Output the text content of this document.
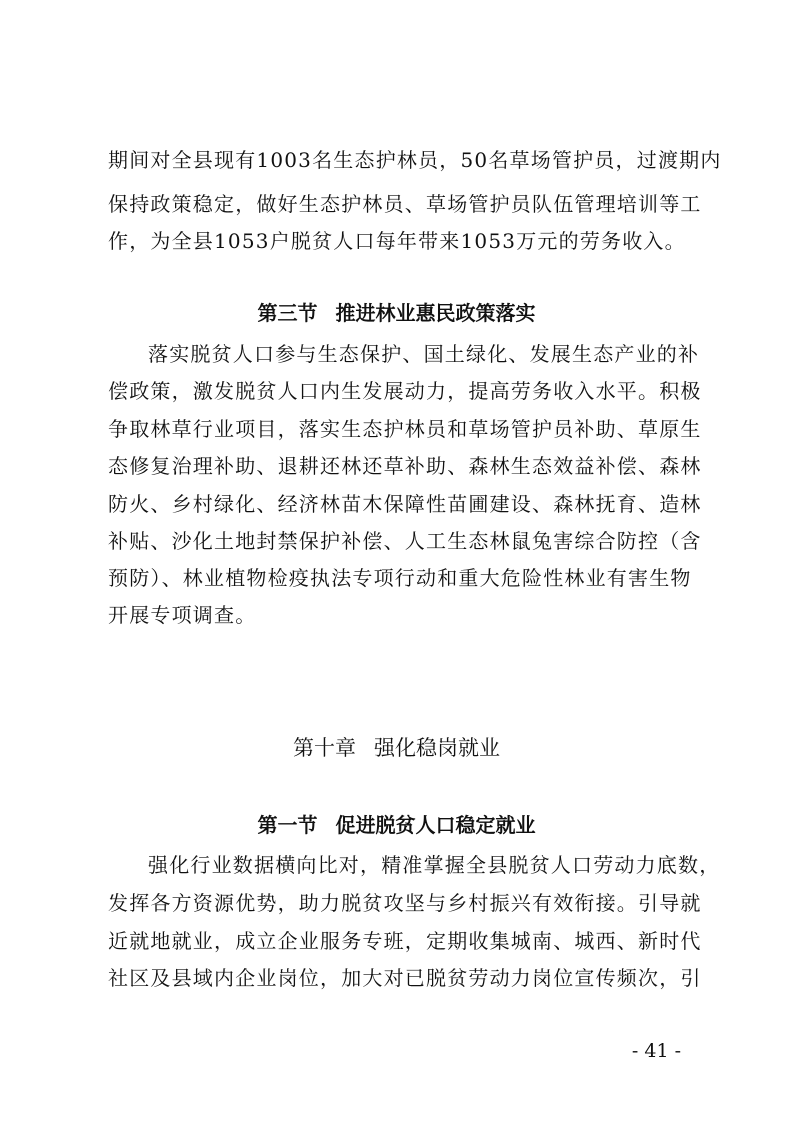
期间对全县现有1003名生态护林员，50名草场管护员，过渡期内
保持政策稳定，做好生态护林员、草场管护员队伍管理培训等工
作，为全县1053户脱贫人口每年带来1053万元的劳务收入。
第三节 推进林业惠民政策落实
落实脱贫人口参与生态保护、国土绿化、发展生态产业的补
偿政策，激发脱贫人口内生发展动力，提高劳务收入水平。积极
争取林草行业项目，落实生态护林员和草场管护员补助、草原生
态修复治理补助、退耕还林还草补助、森林生态效益补偿、森林
防火、乡村绿化、经济林苗木保障性苗圃建设、森林抚育、造林
补贴、沙化土地封禁保护补偿、人工生态林鼠兔害综合防控（含
预防）、林业植物检疫执法专项行动和重大危险性林业有害生物
开展专项调查。
第十章 强化稳岗就业
第一节 促进脱贫人口稳定就业
强化行业数据横向比对，精准掌握全县脱贫人口劳动力底数，
发挥各方资源优势，助力脱贫攻坚与乡村振兴有效衔接。引导就
近就地就业，成立企业服务专班，定期收集城南、城西、新时代
社区及县域内企业岗位，加大对已脱贫劳动力岗位宣传频次，引
- 41 -
